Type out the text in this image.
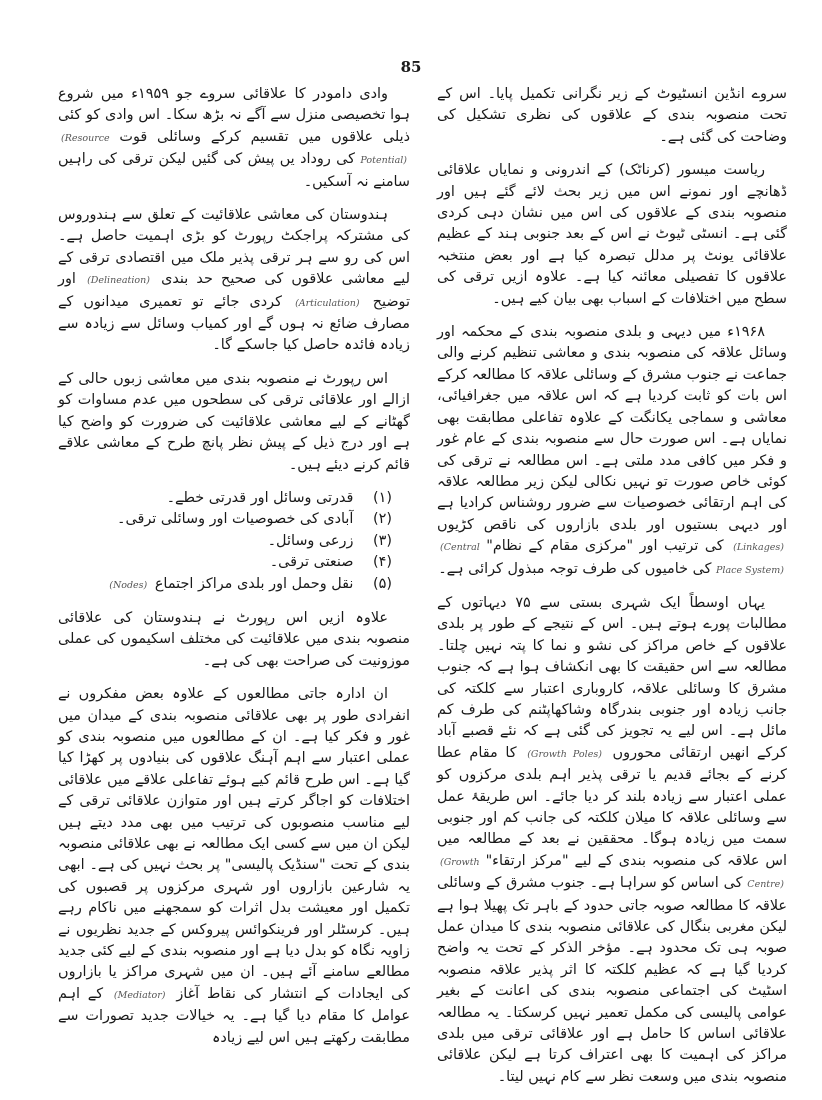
85

سروے انڈین انسٹیوٹ کے زیر نگرانی تکمیل پایا۔ اس کے تحت منصوبہ بندی کے علاقوں کی نظری تشکیل کی وضاحت کی گئی ہے۔

ریاست میسور (کرناٹک) کے اندرونی و نمایاں علاقائی ڈھانچے اور نمونے اس میں زیر بحث لائے گئے ہیں اور منصوبہ بندی کے علاقوں کی اس میں نشان دہی کردی گئی ہے۔ انسٹی ٹیوٹ نے اس کے بعد جنوبی ہند کے عظیم علاقائی یونٹ پر مدلل تبصرہ کیا ہے اور بعض منتخبہ علاقوں کا تفصیلی معائنہ کیا ہے۔ علاوہ ازیں ترقی کی سطح میں اختلافات کے اسباب بھی بیان کیے ہیں۔

۱۹۶۸ء میں دیہی و بلدی منصوبہ بندی کے محکمہ اور وسائل علاقہ کی منصوبہ بندی و معاشی تنظیم کرنے والی جماعت نے جنوب مشرق کے وسائلی علاقہ کا مطالعہ کرکے اس بات کو ثابت کردیا ہے کہ اس علاقہ میں جغرافیائی، معاشی و سماجی یکانگت کے علاوہ تفاعلی مطابقت بھی نمایاں ہے۔ اس صورت حال سے منصوبہ بندی کے عام غور و فکر میں کافی مدد ملتی ہے۔ اس مطالعہ نے ترقی کی کوئی خاص صورت تو نہیں نکالی لیکن زیر مطالعہ علاقہ کی اہم ارتقائی خصوصیات سے ضرور روشناس کرادیا ہے اور دیہی بستیوں اور بلدی بازاروں کی ناقص کڑیوں (Linkages) کی ترتیب اور "مرکزی مقام کے نظام" (Central Place System) کی خامیوں کی طرف توجہ مبذول کرائی ہے۔

یہاں اوسطاً ایک شہری بستی سے ۷۵ دیہاتوں کے مطالبات پورے ہوتے ہیں۔ اس کے نتیجے کے طور پر بلدی علاقوں کے خاص مراکز کی نشو و نما کا پتہ نہیں چلتا۔ مطالعہ سے اس حقیقت کا بھی انکشاف ہوا ہے کہ جنوب مشرق کا وسائلی علاقہ، کاروباری اعتبار سے کلکتہ کی جانب زیادہ اور جنوبی بندرگاہ وشاکھاپٹنم کی طرف کم مائل ہے۔ اس لیے یہ تجویز کی گئی ہے کہ نئے قصبے آباد کرکے انھیں ارتقائی محوروں (Growth Poles) کا مقام عطا کرنے کے بجائے قدیم یا ترقی پذیر اہم بلدی مرکزوں کو عملی اعتبار سے زیادہ بلند کر دیا جائے۔ اس طریقۂ عمل سے وسائلی علاقہ کا میلان کلکتہ کی جانب کم اور جنوبی سمت میں زیادہ ہوگا۔ محققین نے بعد کے مطالعہ میں اس علاقہ کی منصوبہ بندی کے لیے "مرکز ارتقاء" (Growth Centre) کی اساس کو سراہا ہے۔ جنوب مشرق کے وسائلی علاقہ کا مطالعہ صوبہ جاتی حدود کے باہر تک پھیلا ہوا ہے لیکن مغربی بنگال کی علاقائی منصوبہ بندی کا میدان عمل صوبہ ہی تک محدود ہے۔ مؤخر الذکر کے تحت یہ واضح کردیا گیا ہے کہ عظیم کلکتہ کا اثر پذیر علاقہ منصوبہ اسٹیٹ کی اجتماعی منصوبہ بندی کی اعانت کے بغیر عوامی پالیسی کی مکمل تعمیر نہیں کرسکتا۔ یہ مطالعہ علاقائی اساس کا حامل ہے اور علاقائی ترقی میں بلدی مراکز کی اہمیت کا بھی اعتراف کرتا ہے لیکن علاقائی منصوبہ بندی میں وسعت نظر سے کام نہیں لیتا۔

وادی دامودر کا علاقائی سروے جو ۱۹۵۹ء میں شروع ہوا تخصیصی منزل سے آگے نہ بڑھ سکا۔ اس وادی کو کئی ذیلی علاقوں میں تقسیم کرکے وسائلی قوت (Resource Potential) کی روداد یں پیش کی گئیں لیکن ترقی کی راہیں سامنے نہ آسکیں۔

ہندوستان کی معاشی علاقائیت کے تعلق سے ہندوروس کی مشترکہ پراجکٹ رپورٹ کو بڑی اہمیت حاصل ہے۔ اس کی رو سے ہر ترقی پذیر ملک میں اقتصادی ترقی کے لیے معاشی علاقوں کی صحیح حد بندی (Delineation) اور توضیح (Articulation) کردی جائے تو تعمیری میدانوں کے مصارف ضائع نہ ہوں گے اور کمیاب وسائل سے زیادہ سے زیادہ فائدہ حاصل کیا جاسکے گا۔

اس رپورٹ نے منصوبہ بندی میں معاشی زبوں حالی کے ازالے اور علاقائی ترقی کی سطحوں میں عدم مساوات کو گھٹانے کے لیے معاشی علاقائیت کی ضرورت کو واضح کیا ہے اور درج ذیل کے پیش نظر پانچ طرح کے معاشی علاقے قائم کرنے دیئے ہیں۔

(۱) قدرتی وسائل اور قدرتی خطے۔
(۲) آبادی کی خصوصیات اور وسائلی ترقی۔
(۳) زرعی وسائل۔
(۴) صنعتی ترقی۔
(۵) نقل وحمل اور بلدی مراکز اجتماع (Nodes)

علاوہ ازیں اس رپورٹ نے ہندوستان کی علاقائی منصوبہ بندی میں علاقائیت کی مختلف اسکیموں کی عملی موزونیت کی صراحت بھی کی ہے۔

ان ادارہ جاتی مطالعوں کے علاوہ بعض مفکروں نے انفرادی طور پر بھی علاقائی منصوبہ بندی کے میدان میں غور و فکر کیا ہے۔ ان کے مطالعوں میں منصوبہ بندی کو عملی اعتبار سے اہم آہنگ علاقوں کی بنیادوں پر کھڑا کیا گیا ہے۔ اس طرح قائم کیے ہوئے تفاعلی علاقے میں علاقائی اختلافات کو اجاگر کرتے ہیں اور متوازن علاقائی ترقی کے لیے مناسب منصوبوں کی ترتیب میں بھی مدد دیتے ہیں لیکن ان میں سے کسی ایک مطالعہ نے بھی علاقائی منصوبہ بندی کے تحت "سنڈیک پالیسی" پر بحث نہیں کی ہے۔ ابھی یہ شارعین بازاروں اور شہری مرکزوں پر قصبوں کی تکمیل اور معیشت بدل اثرات کو سمجھنے میں ناکام رہے ہیں۔ کرسٹلر اور فرینکوائس پیروکس کے جدید نظریوں نے زاویہ نگاہ کو بدل دیا ہے اور منصوبہ بندی کے لیے کئی جدید مطالعے سامنے آئے ہیں۔ ان میں شہری مراکز یا بازاروں کی ایجادات کے انتشار کی نقاط آغاز (Mediator) کے اہم عوامل کا مقام دیا گیا ہے۔ یہ خیالات جدید تصورات سے مطابقت رکھتے ہیں اس لیے زیادہ
